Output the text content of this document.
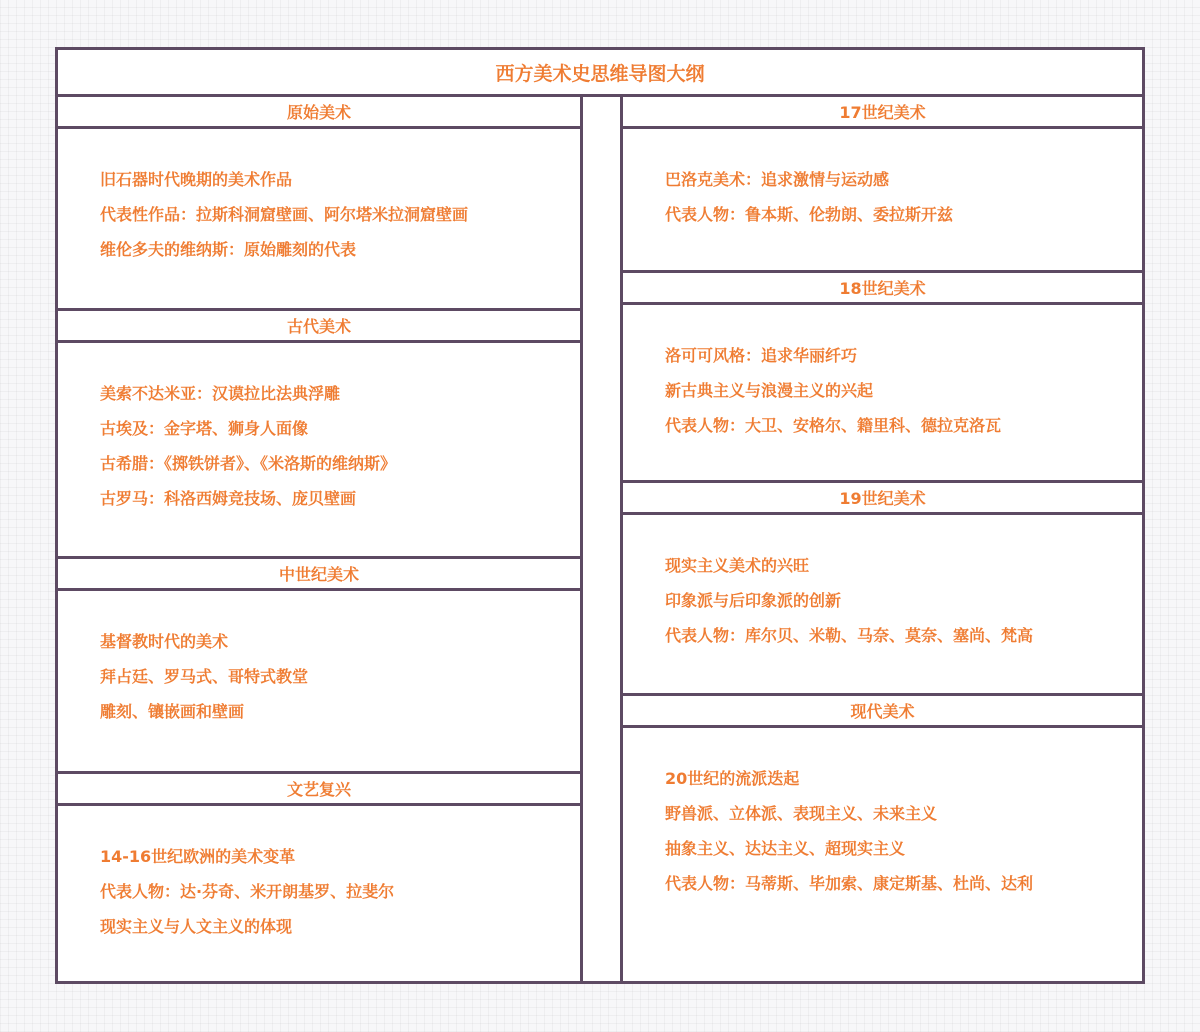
西方美术史思维导图大纲
原始美术
旧石器时代晚期的美术作品
代表性作品：拉斯科洞窟壁画、阿尔塔米拉洞窟壁画
维伦多夫的维纳斯：原始雕刻的代表
古代美术
美索不达米亚：汉谟拉比法典浮雕
古埃及：金字塔、狮身人面像
古希腊：《掷铁饼者》、《米洛斯的维纳斯》
古罗马：科洛西姆竞技场、庞贝壁画
中世纪美术
基督教时代的美术
拜占廷、罗马式、哥特式教堂
雕刻、镶嵌画和壁画
文艺复兴
14-16世纪欧洲的美术变革
代表人物：达·芬奇、米开朗基罗、拉斐尔
现实主义与人文主义的体现
17世纪美术
巴洛克美术：追求激情与运动感
代表人物：鲁本斯、伦勃朗、委拉斯开兹
18世纪美术
洛可可风格：追求华丽纤巧
新古典主义与浪漫主义的兴起
代表人物：大卫、安格尔、籍里科、德拉克洛瓦
19世纪美术
现实主义美术的兴旺
印象派与后印象派的创新
代表人物：库尔贝、米勒、马奈、莫奈、塞尚、梵高
现代美术
20世纪的流派迭起
野兽派、立体派、表现主义、未来主义
抽象主义、达达主义、超现实主义
代表人物：马蒂斯、毕加索、康定斯基、杜尚、达利
